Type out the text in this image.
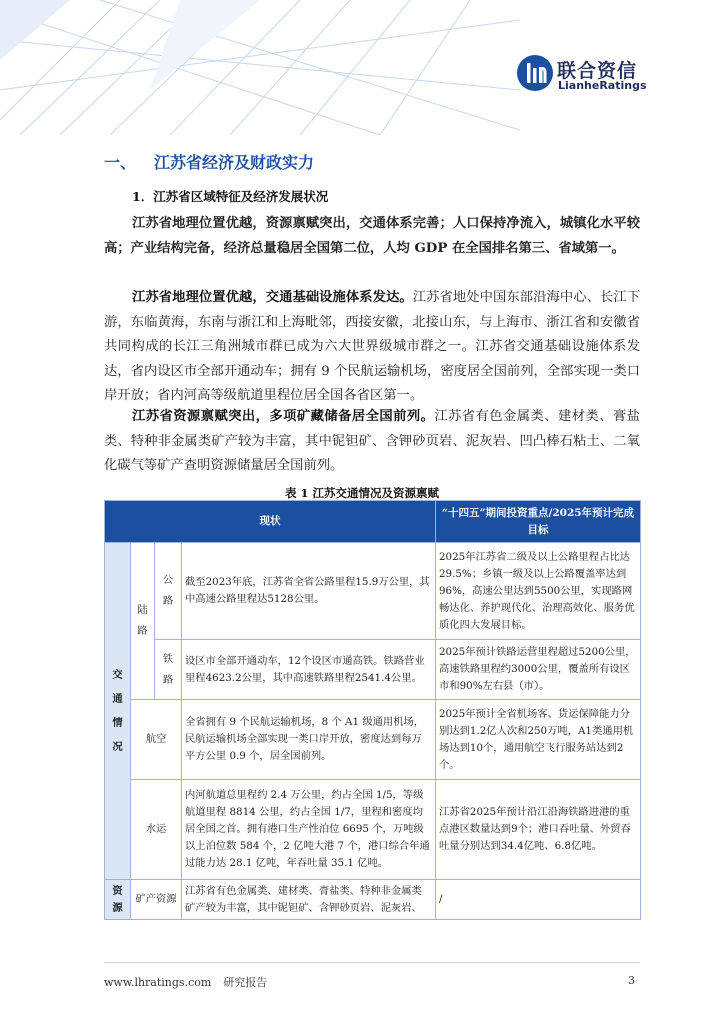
联合资信
LianheRatings
一、 江苏省经济及财政实力
1．江苏省区域特征及经济发展状况
江苏省地理位置优越，资源禀赋突出，交通体系完善；人口保持净流入，城镇化水平较高；产业结构完备，经济总量稳居全国第二位，人均 GDP 在全国排名第三、省域第一。
江苏省地理位置优越，交通基础设施体系发达。江苏省地处中国东部沿海中心、长江下游，东临黄海，东南与浙江和上海毗邻，西接安徽，北接山东，与上海市、浙江省和安徽省共同构成的长江三角洲城市群已成为六大世界级城市群之一。江苏省交通基础设施体系发达，省内设区市全部开通动车；拥有 9 个民航运输机场，密度居全国前列，全部实现一类口岸开放；省内河高等级航道里程位居全国各省区第一。
江苏省资源禀赋突出，多项矿藏储备居全国前列。江苏省有色金属类、建材类、膏盐类、特种非金属类矿产较为丰富，其中铌钽矿、含钾砂页岩、泥灰岩、凹凸棒石粘土、二氧化碳气等矿产查明资源储量居全国前列。
表 1 江苏交通情况及资源禀赋
现状				“十四五”期间投资重点/2025年预计完成目标
交通情况	陆路	公路	截至2023年底，江苏省全省公路里程15.9万公里，其中高速公路里程达5128公里。	2025年江苏省二级及以上公路里程占比达29.5%；乡镇一级及以上公路覆盖率达到96%，高速公里达到5500公里，实现路网畅达化、养护现代化、治理高效化、服务优质化四大发展目标。
		铁路	设区市全部开通动车，12个设区市通高铁。铁路营业里程4623.2公里，其中高速铁路里程2541.4公里。	2025年预计铁路运营里程超过5200公里，高速铁路里程约3000公里，覆盖所有设区市和90%左右县（市）。
	航空		全省拥有 9 个民航运输机场，8 个 A1 级通用机场，民航运输机场全部实现一类口岸开放，密度达到每万平方公里 0.9 个，居全国前列。	2025年预计全省机场客、货运保障能力分别达到1.2亿人次和250万吨，A1类通用机场达到10个，通用航空飞行服务站达到2个。
	水运		内河航道总里程约 2.4 万公里，约占全国 1/5，等级航道里程 8814 公里，约占全国 1/7，里程和密度均居全国之首。拥有港口生产性泊位 6695 个，万吨级以上泊位数 584 个，2 亿吨大港 7 个，港口综合年通过能力达 28.1 亿吨，年吞吐量 35.1 亿吨。	江苏省2025年预计沿江沿海铁路进港的重点港区数量达到9个；港口吞吐量、外贸吞吐量分别达到34.4亿吨、6.8亿吨。

资源	矿产资源		江苏省有色金属类、建材类、膏盐类、特种非金属类矿产较为丰富，其中铌钽矿、含钾砂页岩、泥灰岩、	/
www.lhratings.com 研究报告	3
